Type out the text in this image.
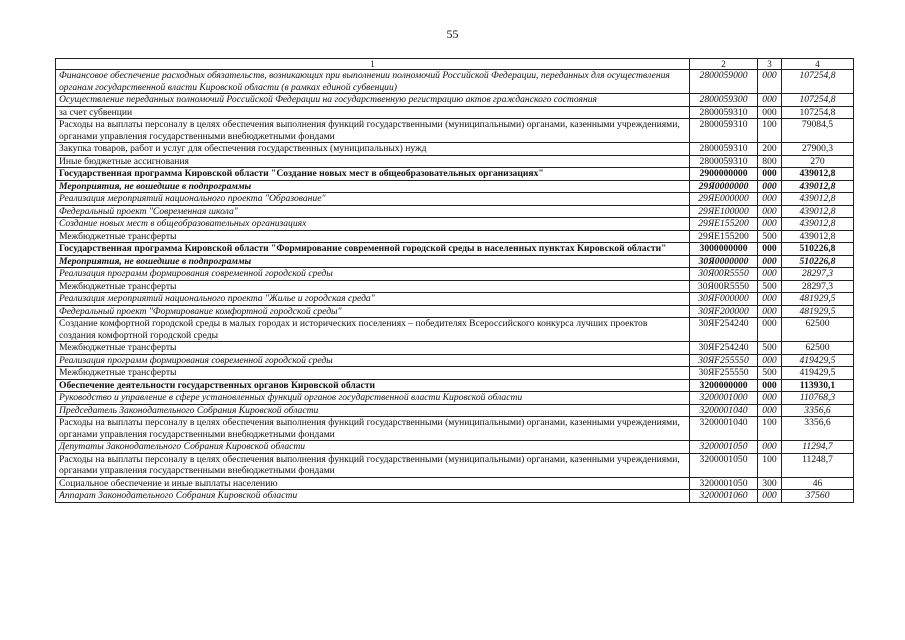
55
1	2	3	4
Финансовое обеспечение расходных обязательств, возникающих при выполнении полномочий Российской Федерации, переданных для осуществления органам государственной власти Кировской области (в рамках единой субвенции)	2800059000	000	107254,8
Осуществление переданных полномочий Российской Федерации на государственную регистрацию актов гражданского состояния	2800059300	000	107254,8
за счет субвенции	2800059310	000	107254,8
Расходы на выплаты персоналу в целях обеспечения выполнения функций государственными (муниципальными) органами, казенными учреждениями, органами управления государственными внебюджетными фондами	2800059310	100	79084,5
Закупка товаров, работ и услуг для обеспечения государственных (муниципальных) нужд	2800059310	200	27900,3
Иные бюджетные ассигнования	2800059310	800	270
Государственная программа Кировской области "Создание новых мест в общеобразовательных организациях"	2900000000	000	439012,8
Мероприятия, не вошедшие в подпрограммы	29Я0000000	000	439012,8
Реализация мероприятий национального проекта "Образование"	29ЯЕ000000	000	439012,8
Федеральный проект "Современная школа"	29ЯЕ100000	000	439012,8
Создание новых мест в общеобразовательных организациях	29ЯЕ155200	000	439012,8
Межбюджетные трансферты	29ЯЕ155200	500	439012,8
Государственная программа Кировской области "Формирование современной городской среды в населенных пунктах Кировской области"	3000000000	000	510226,8
Мероприятия, не вошедшие в подпрограммы	30Я0000000	000	510226,8
Реализация программ формирования современной городской среды	30Я00R5550	000	28297,3
Межбюджетные трансферты	30Я00R5550	500	28297,3
Реализация мероприятий национального проекта "Жилье и городская среда"	30ЯF000000	000	481929,5
Федеральный проект "Формирование комфортной городской среды"	30ЯF200000	000	481929,5
Создание комфортной городской среды в малых городах и исторических поселениях – победителях Всероссийского конкурса лучших проектов создания комфортной городской среды	30ЯF254240	000	62500
Межбюджетные трансферты	30ЯF254240	500	62500
Реализация программ формирования современной городской среды	30ЯF255550	000	419429,5
Межбюджетные трансферты	30ЯF255550	500	419429,5
Обеспечение деятельности государственных органов Кировской области	3200000000	000	113930,1
Руководство и управление в сфере установленных функций органов государственной власти Кировской области	3200001000	000	110768,3
Председатель Законодательного Собрания Кировской области	3200001040	000	3356,6
Расходы на выплаты персоналу в целях обеспечения выполнения функций государственными (муниципальными) органами, казенными учреждениями, органами управления государственными внебюджетными фондами	3200001040	100	3356,6
Депутаты Законодательного Собрания Кировской области	3200001050	000	11294,7
Расходы на выплаты персоналу в целях обеспечения выполнения функций государственными (муниципальными) органами, казенными учреждениями, органами управления государственными внебюджетными фондами	3200001050	100	11248,7
Социальное обеспечение и иные выплаты населению	3200001050	300	46
Аппарат Законодательного Собрания Кировской области	3200001060	000	37560
